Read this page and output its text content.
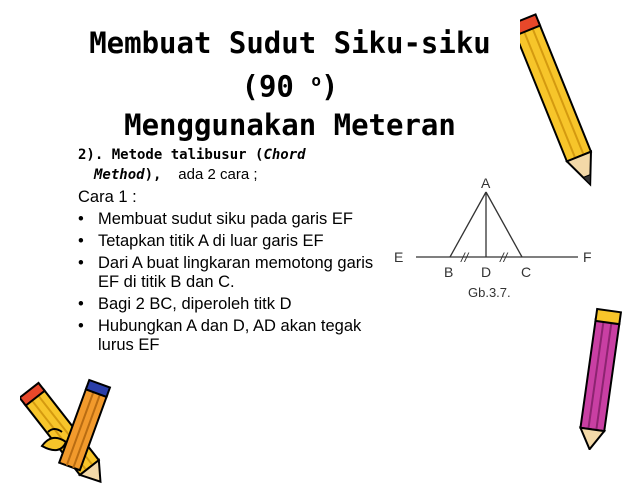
Membuat Sudut Siku-siku
(90 $^o$)
Menggunakan Meteran
2). Metode talibusur (Chord
Method), ada 2 cara ;
Cara 1 :
• Membuat sudut siku pada garis EF
• Tetapkan titik A di luar garis EF
• Dari A buat lingkaran memotong garis EF di titik B dan C.
• Bagi 2 BC, diperoleh titk D
• Hubungkan A dan D, AD akan tegak lurus EF
A
E	F
// //
B D C
Gb.3.7.
